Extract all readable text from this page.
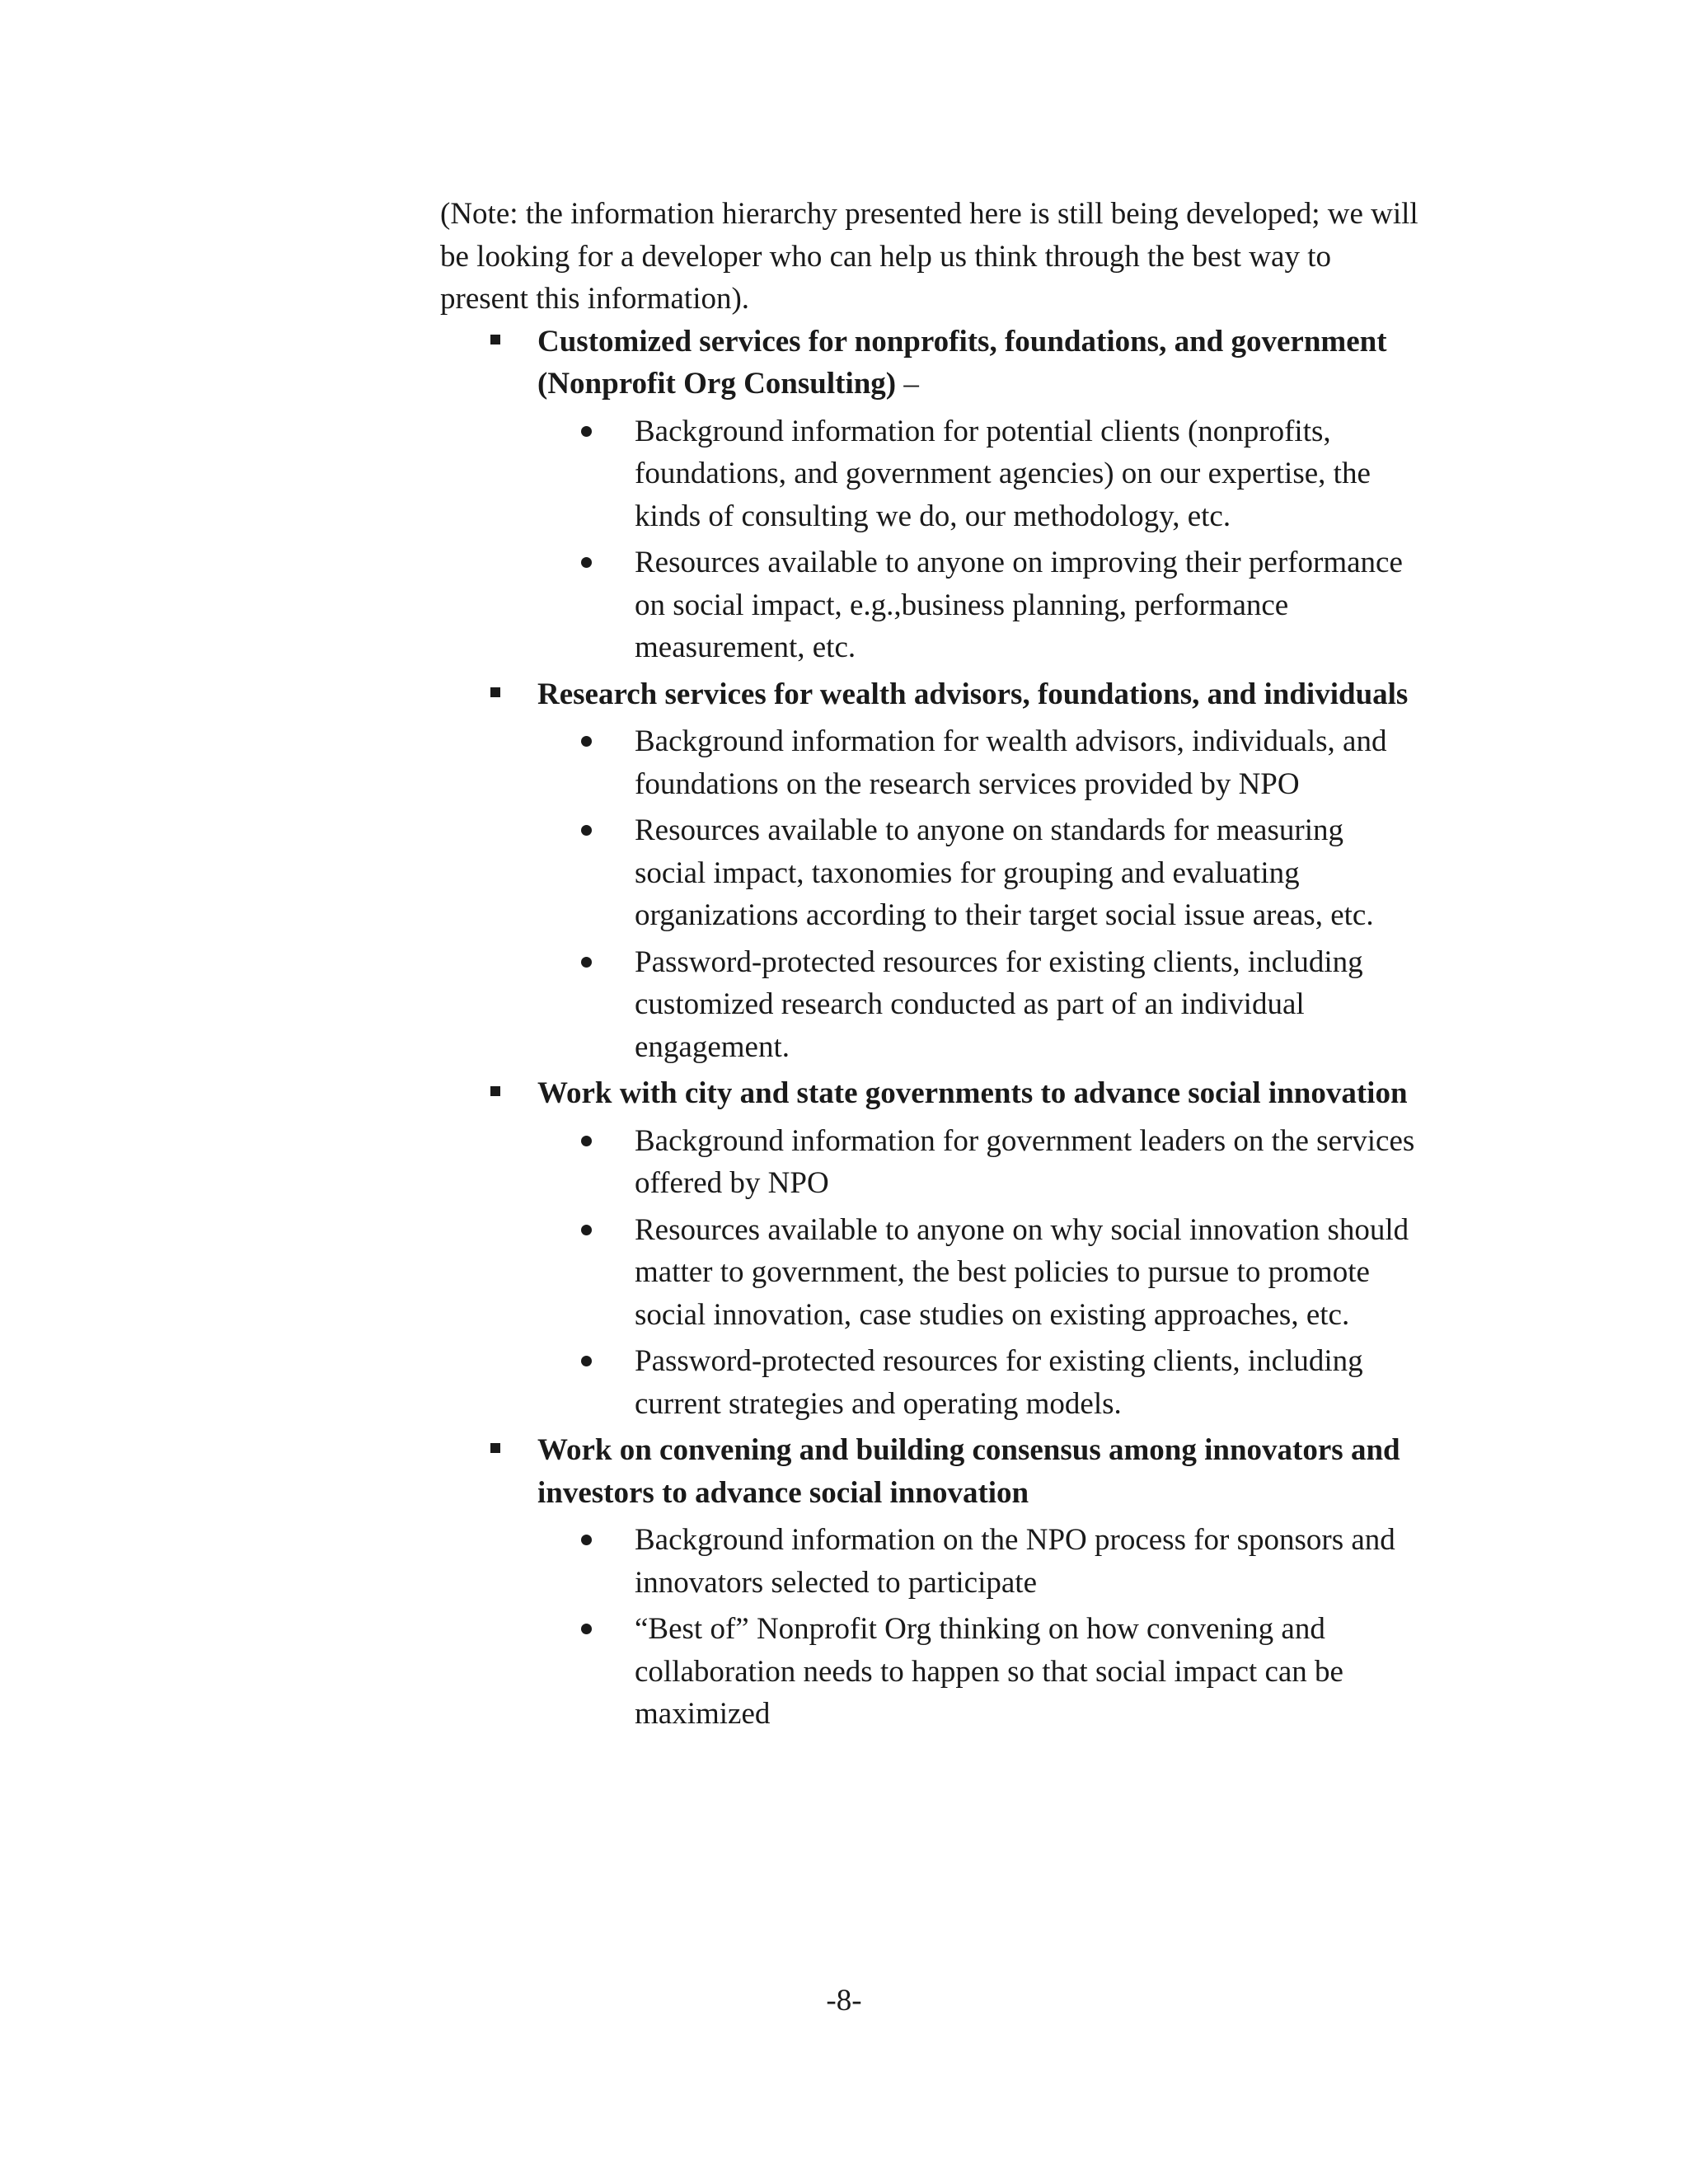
(Note: the information hierarchy presented here is still being developed; we will be looking for a developer who can help us think through the best way to present this information).

Customized services for nonprofits, foundations, and government (Nonprofit Org Consulting) –
Background information for potential clients (nonprofits, foundations, and government agencies) on our expertise, the kinds of consulting we do, our methodology, etc.
Resources available to anyone on improving their performance on social impact, e.g.,business planning, performance measurement, etc.
Research services for wealth advisors, foundations, and individuals
Background information for wealth advisors, individuals, and foundations on the research services provided by NPO
Resources available to anyone on standards for measuring social impact, taxonomies for grouping and evaluating organizations according to their target social issue areas, etc.
Password-protected resources for existing clients, including customized research conducted as part of an individual engagement.
Work with city and state governments to advance social innovation
Background information for government leaders on the services offered by NPO
Resources available to anyone on why social innovation should matter to government, the best policies to pursue to promote social innovation, case studies on existing approaches, etc.
Password-protected resources for existing clients, including current strategies and operating models.
Work on convening and building consensus among innovators and investors to advance social innovation
Background information on the NPO process for sponsors and innovators selected to participate
“Best of” Nonprofit Org thinking on how convening and collaboration needs to happen so that social impact can be maximized
-8-
